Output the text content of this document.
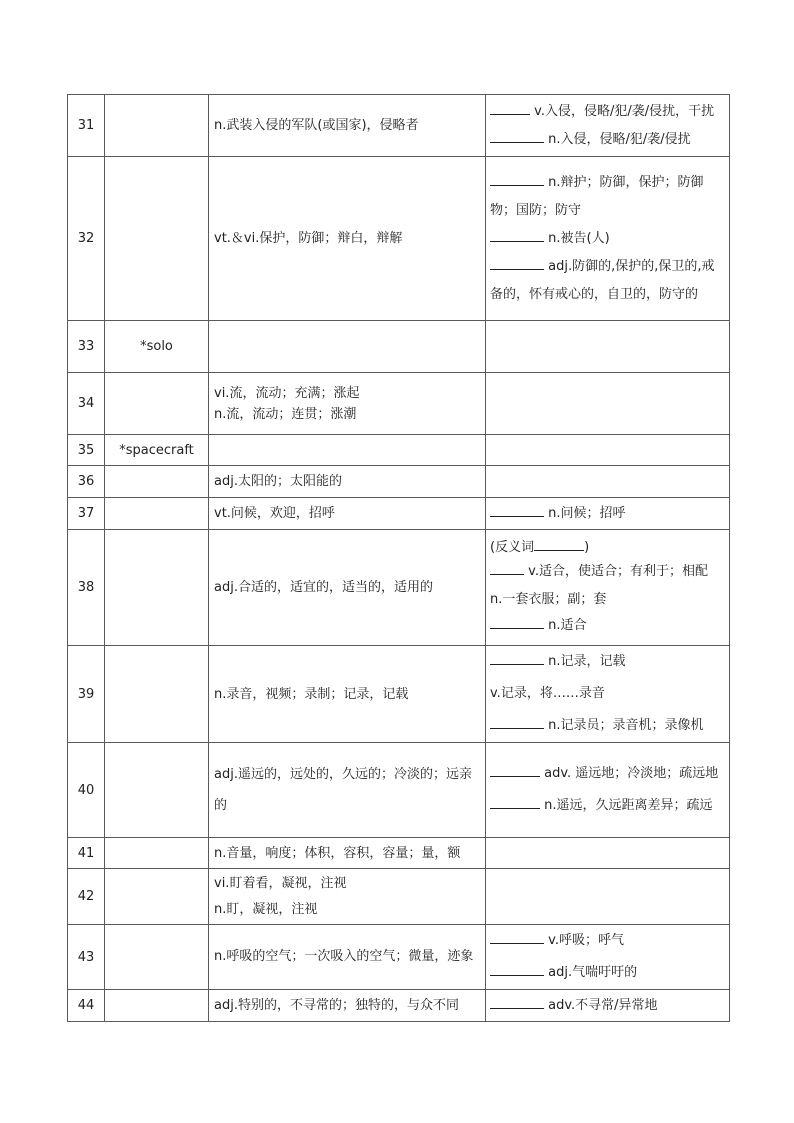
31		n.武装入侵的军队(或国家)，侵略者	v.入侵，侵略/犯/袭/侵扰，干扰
n.入侵，侵略/犯/袭/侵扰

32		vt.＆vi.保护，防御；辩白，辩解	n.辩护；防御，保护；防御物；国防；防守
n.被告(人)
adj.防御的,保护的,保卫的,戒备的，怀有戒心的，自卫的，防守的

33	*solo		
34		vi.流，流动；充满；涨起
n.流，流动；连贯；涨潮	

35	*spacecraft		
36		adj.太阳的；太阳能的	

37		vt.问候，欢迎，招呼	n.问候；招呼

38		adj.合适的，适宜的，适当的，适用的	(反义词 )
v.适合，使适合；有利于；相配
n.一套衣服；副；套
n.适合

39		n.录音，视频；录制；记录，记载	n.记录，记载
v.记录，将……录音
n.记录员；录音机；录像机

40		adj.遥远的，远处的，久远的；冷淡的；远亲的	adv. 遥远地；冷淡地；疏远地
n.遥远，久远距离差异；疏远

41		n.音量，响度；体积，容积，容量；量，额	

42		vi.盯着看，凝视，注视
n.盯，凝视，注视	

43		n.呼吸的空气；一次吸入的空气；微量，迹象	v.呼吸；呼气
adj.气喘吁吁的

44		adj.特别的，不寻常的；独特的，与众不同	adv.不寻常/异常地
